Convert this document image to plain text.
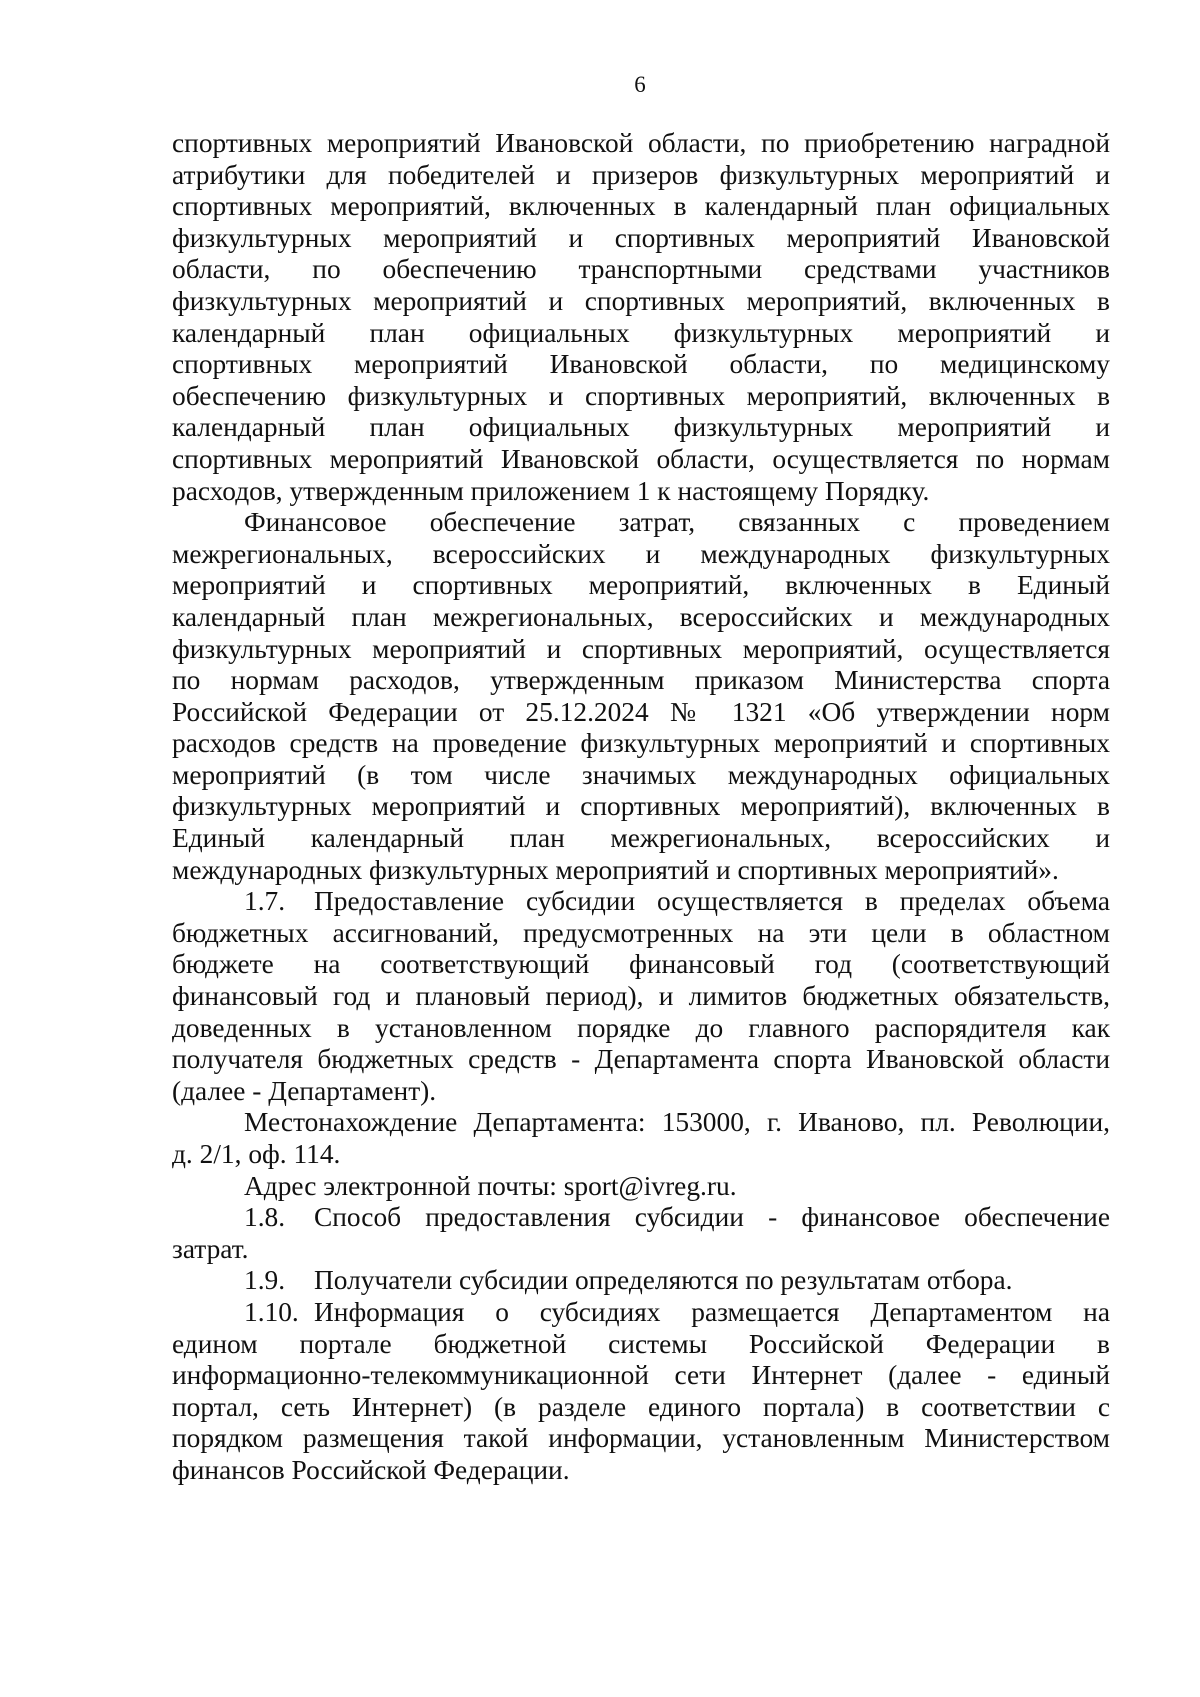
6

спортивных мероприятий Ивановской области, по приобретению наградной

атрибутики для победителей и призеров физкультурных мероприятий и

спортивных мероприятий, включенных в календарный план официальных

физкультурных мероприятий и спортивных мероприятий Ивановской

области, по обеспечению транспортными средствами участников

физкультурных мероприятий и спортивных мероприятий, включенных в

календарный план официальных физкультурных мероприятий и

спортивных мероприятий Ивановской области, по медицинскому

обеспечению физкультурных и спортивных мероприятий, включенных в

календарный план официальных физкультурных мероприятий и

спортивных мероприятий Ивановской области, осуществляется по нормам

расходов, утвержденным приложением 1 к настоящему Порядку.

Финансовое обеспечение затрат, связанных с проведением

межрегиональных, всероссийских и международных физкультурных

мероприятий и спортивных мероприятий, включенных в Единый

календарный план межрегиональных, всероссийских и международных

физкультурных мероприятий и спортивных мероприятий, осуществляется

по нормам расходов, утвержденным приказом Министерства спорта

Российской Федерации от 25.12.2024 № 1321 «Об утверждении норм

расходов средств на проведение физкультурных мероприятий и спортивных

мероприятий (в том числе значимых международных официальных

физкультурных мероприятий и спортивных мероприятий), включенных в

Единый календарный план межрегиональных, всероссийских и

международных физкультурных мероприятий и спортивных мероприятий».

1.7. Предоставление субсидии осуществляется в пределах объема

бюджетных ассигнований, предусмотренных на эти цели в областном

бюджете на соответствующий финансовый год (соответствующий

финансовый год и плановый период), и лимитов бюджетных обязательств,

доведенных в установленном порядке до главного распорядителя как

получателя бюджетных средств - Департамента спорта Ивановской области

(далее - Департамент).

Местонахождение Департамента: 153000, г. Иваново, пл. Революции,

д. 2/1, оф. 114.

Адрес электронной почты: sport@ivreg.ru.

1.8. Способ предоставления субсидии - финансовое обеспечение

затрат.

1.9. Получатели субсидии определяются по результатам отбора.

1.10. Информация о субсидиях размещается Департаментом на

едином портале бюджетной системы Российской Федерации в

информационно-телекоммуникационной сети Интернет (далее - единый

портал, сеть Интернет) (в разделе единого портала) в соответствии с

порядком размещения такой информации, установленным Министерством

финансов Российской Федерации.
